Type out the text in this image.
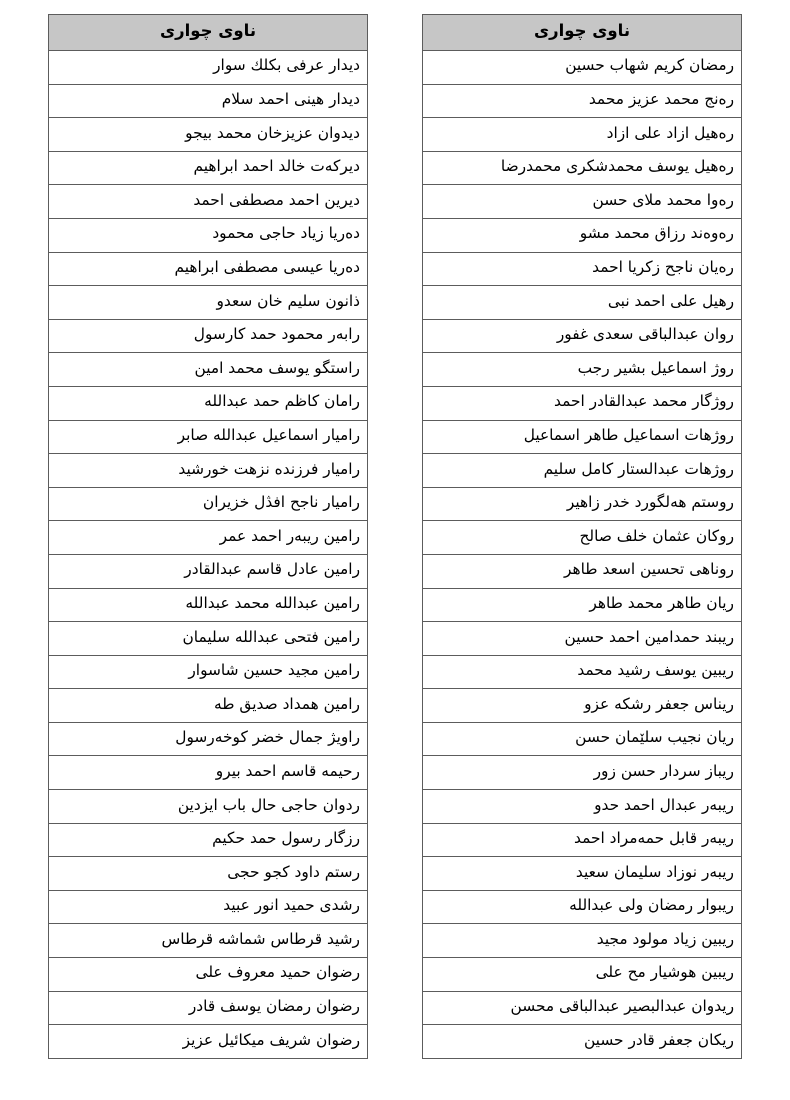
ناوی چواری
دیدار عرفی بكلك سوار
دیدار هینی احمد سلام
دیدوان عزیزخان محمد بیجو
دیرکەت خالد احمد ابراهیم
دیرین احمد مصطفی احمد
دەریا زیاد حاجی محمود
دەریا عیسی مصطفی ابراهیم
ذانون سلیم خان سعدو
رابەر محمود حمد کارسول
راستگو یوسف محمد امین
رامان کاظم حمد عبدالله
رامیار اسماعیل عبدالله صابر
رامیار فرزنده نزهت خورشید
رامیار ناجح افڎل خزیران
رامین ریبەر احمد عمر
رامین عادل قاسم عبدالقادر
رامین عبدالله محمد عبدالله
رامین فتحی عبدالله سلیمان
رامین مجید حسین شاسوار
رامین همداد صدیق طه
راویژ جمال خضر کوخەرسول
رحیمه قاسم احمد بیرو
ردوان حاجی حال باب ایزدین
رزگار رسول حمد حکیم
رستم داود کجو حجی
رشدی حمید انور عبید
رشید قرطاس شماشه قرطاس
رضوان حمید معروف علی
رضوان رمضان یوسف قادر
رضوان شریف میکائیل عزیز
ناوی چواری
رمضان کریم شهاب حسین
رەنج محمد عزیز محمد
رەهیل ازاد علی ازاد
رەهیل یوسف محمدشکری محمدرضا
رەوا محمد ملای حسن
رەوەند رزاق محمد مشو
رەیان ناجح زکریا احمد
رهیل علی احمد نبی
روان عبدالباقی سعدی غفور
روژ اسماعیل بشیر رجب
روژگار محمد عبدالقادر احمد
روژهات اسماعیل طاهر اسماعیل
روژهات عبدالستار کامل سلیم
روستم هەلگورد خدر زاهیر
روکان عثمان خلف صالح
روناهی تحسین اسعد طاهر
ریان طاهر محمد طاهر
ریبند حمدامین احمد حسین
ریبین یوسف رشید محمد
ریناس جعفر رشکه عزو
ریان نجیب سلێمان حسن
ریباز سردار حسن زور
ریبەر عبدال احمد حدو
ریبەر قابل حمەمراد احمد
ریبەر نوزاد سلیمان سعید
ریبوار رمضان ولی عبدالله
ریبین زیاد مولود مجید
ریبین هوشیار مح علی
ریدوان عبدالبصیر عبدالباقی محسن
ریکان جعفر قادر حسین
